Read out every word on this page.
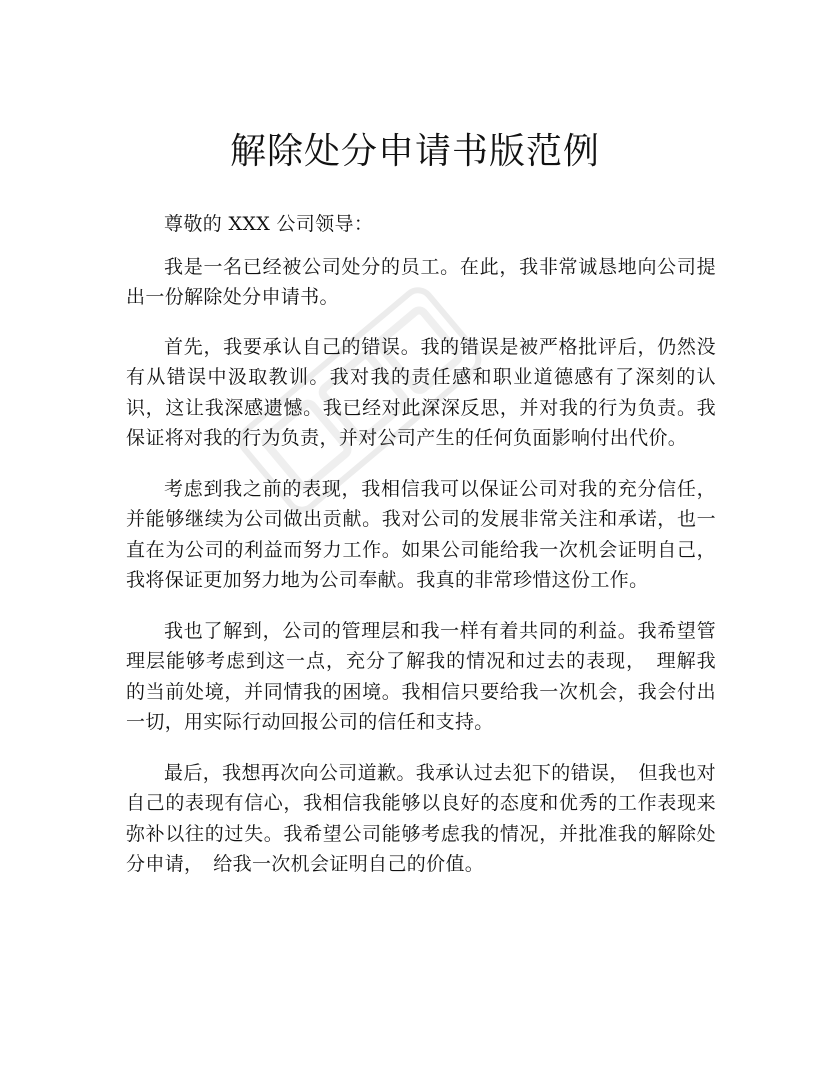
解除处分申请书版范例

尊敬的 XXX 公司领导：

我是一名已经被公司处分的员工。在此，我非常诚恳地向公司提出一份解除处分申请书。

首先，我要承认自己的错误。我的错误是被严格批评后，仍然没有从错误中汲取教训。我对我的责任感和职业道德感有了深刻的认识，这让我深感遗憾。我已经对此深深反思，并对我的行为负责。我保证将对我的行为负责，并对公司产生的任何负面影响付出代价。

考虑到我之前的表现，我相信我可以保证公司对我的充分信任，并能够继续为公司做出贡献。我对公司的发展非常关注和承诺，也一直在为公司的利益而努力工作。如果公司能给我一次机会证明自己，我将保证更加努力地为公司奉献。我真的非常珍惜这份工作。

我也了解到，公司的管理层和我一样有着共同的利益。我希望管理层能够考虑到这一点，充分了解我的情况和过去的表现，　理解我的当前处境，并同情我的困境。我相信只要给我一次机会，我会付出一切，用实际行动回报公司的信任和支持。

最后，我想再次向公司道歉。我承认过去犯下的错误，　但我也对自己的表现有信心，我相信我能够以良好的态度和优秀的工作表现来弥补以往的过失。我希望公司能够考虑我的情况，并批准我的解除处分申请，　给我一次机会证明自己的价值。
